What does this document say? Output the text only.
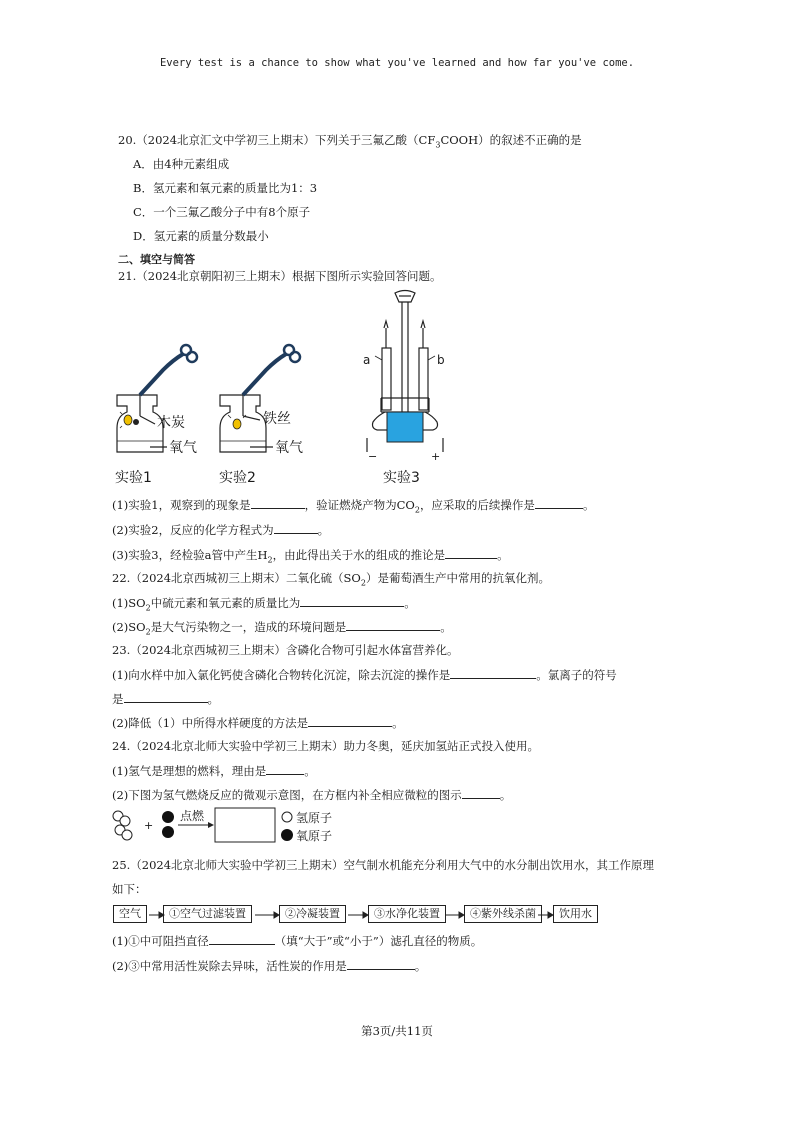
Every test is a chance to show what you've learned and how far you've come.
20.（2024北京汇文中学初三上期末）下列关于三氟乙酸$(CF_3COOH)$的叙述不正确的是
A．由4种元素组成
B．氢元素和氧元素的质量比为1：3
C．一个三氟乙酸分子中有8个原子
D．氢元素的质量分数最小
二、填空与简答
21.（2024北京朝阳初三上期末）根据下图所示实验回答问题。
木炭
氧气
铁丝
氧气
a	b
−	+
实验1	实验2	实验3
(1)实验1，观察到的现象是	，验证燃烧产物为$CO_2$，应采取的后续操作是	。
(2)实验2，反应的化学方程式为	。
(3)实验3，经检验a管中产生$H_2$，由此得出关于水的组成的推论是	。
22.（2024北京西城初三上期末）二氧化硫$(SO_2)$是葡萄酒生产中常用的抗氧化剂。
$(1)SO_2$中硫元素和氧元素的质量比为	。
$(2)SO_2$是大气污染物之一，造成的环境问题是	。
23.（2024北京西城初三上期末）含磷化合物可引起水体富营养化。
(1)向水样中加入氯化钙使含磷化合物转化沉淀，除去沉淀的操作是	。氯离子的符号
是	。
(2)降低（1）中所得水样硬度的方法是	。
24.（2024北京北师大实验中学初三上期末）助力冬奥，延庆加氢站正式投入使用。
(1)氢气是理想的燃料，理由是	。
(2)下图为氢气燃烧反应的微观示意图，在方框内补全相应微粒的图示	。
+
点燃	氢原子
氧原子
25.（2024北京北师大实验中学初三上期末）空气制水机能充分利用大气中的水分制出饮用水，其工作原理
如下：
空气	①空气过滤装置	②冷凝装置	③水净化装置	④紫外线杀菌	饮用水
(1)①中可阻挡直径	（填“大于”或“小于”）滤孔直径的物质。
(2)③中常用活性炭除去异味，活性炭的作用是	。
第3页/共11页
